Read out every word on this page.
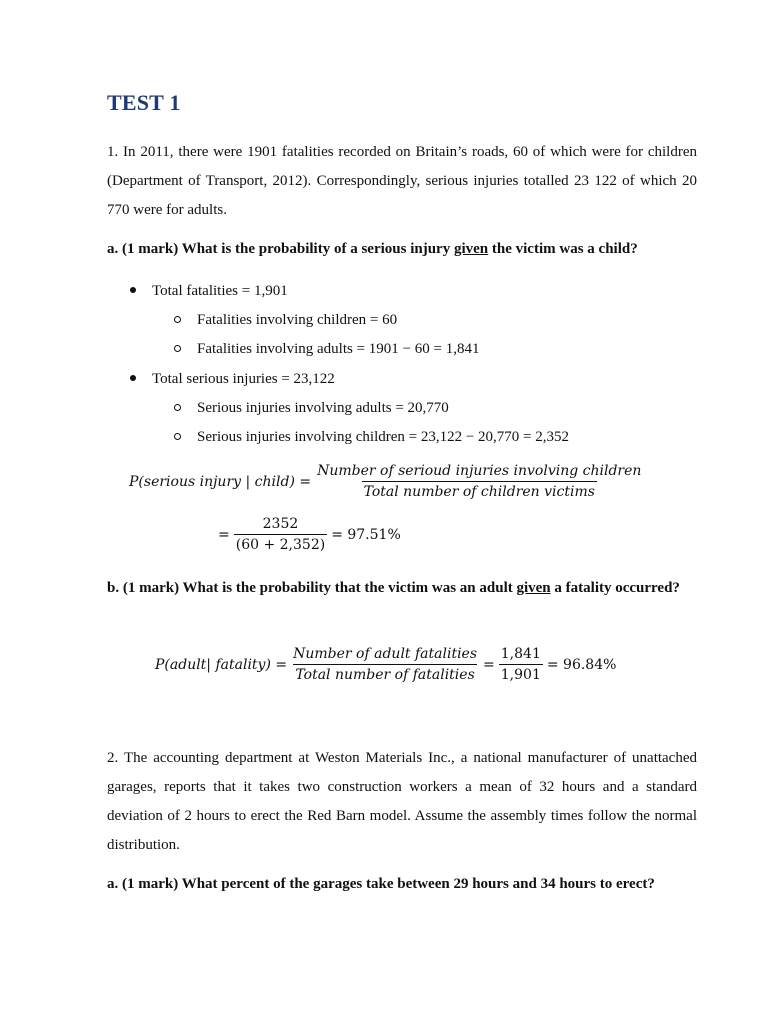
TEST 1

1. In 2011, there were 1901 fatalities recorded on Britain’s roads, 60 of which were for children (Department of Transport, 2012). Correspondingly, serious injuries totalled 23 122 of which 20 770 were for adults.

a. (1 mark) What is the probability of a serious injury given the victim was a child?

Total fatalities = 1,901
Fatalities involving children = 60
Fatalities involving adults = 1901 − 60 = 1,841
Total serious injuries = 23,122
Serious injuries involving adults = 20,770
Serious injuries involving children = 23,122 − 20,770 = 2,352
P(serious injury | child) = $\frac{\text{Number of serioud injuries involving children}}{\text{Total number of children victims}}$
= $\frac{2352}{(60 + 2,352)} = 97.51\%$

b. (1 mark) What is the probability that the victim was an adult given a fatality occurred?

P(adult| fatality) = $\frac{\text{Number of adult fatalities}}{\text{Total number of fatalities}} = \frac{1,841}{1,901} = 96.84\%$

2. The accounting department at Weston Materials Inc., a national manufacturer of unattached garages, reports that it takes two construction workers a mean of 32 hours and a standard deviation of 2 hours to erect the Red Barn model. Assume the assembly times follow the normal distribution.

a. (1 mark) What percent of the garages take between 29 hours and 34 hours to erect?
